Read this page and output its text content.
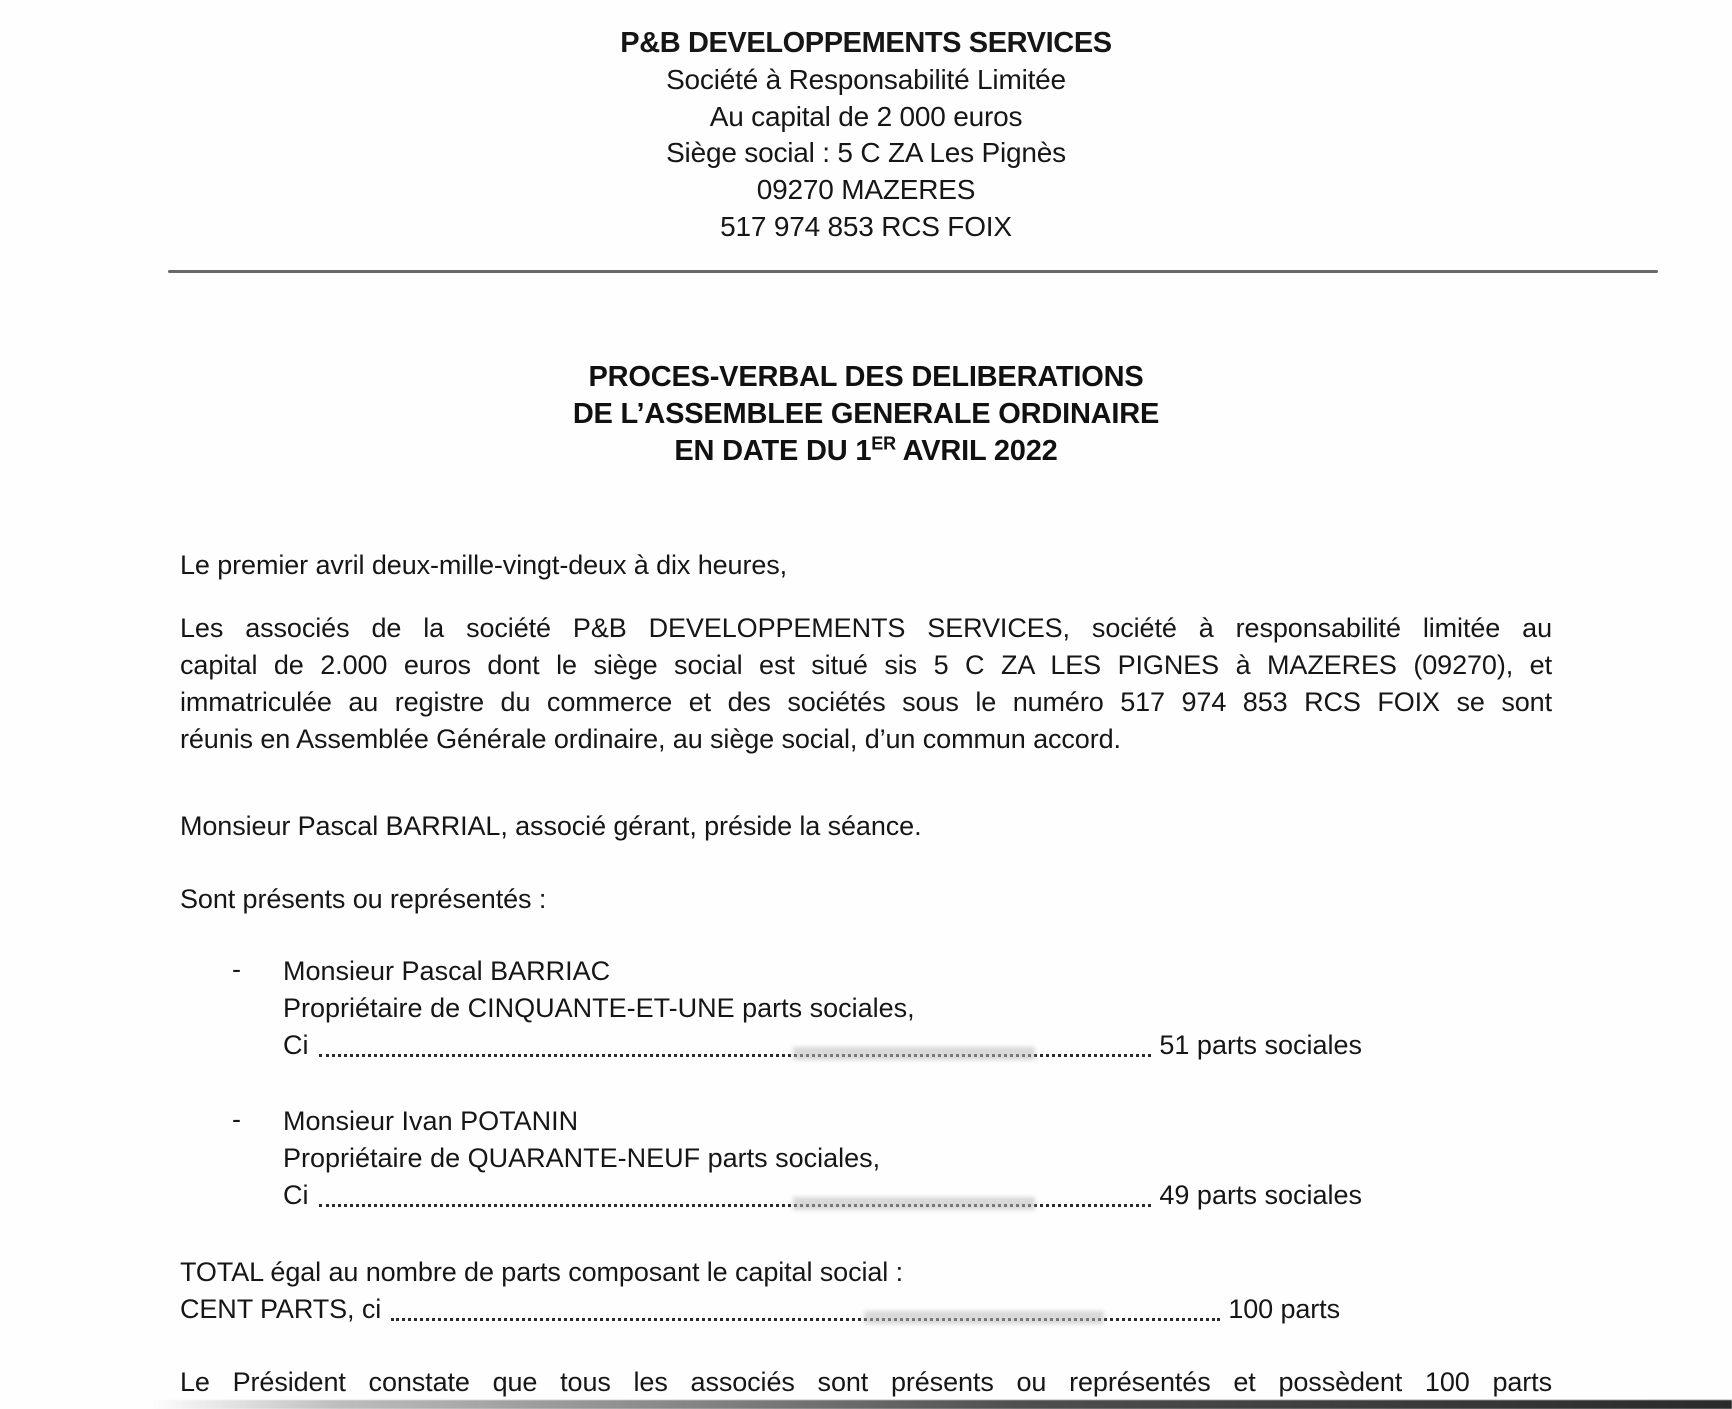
P&B DEVELOPPEMENTS SERVICES
Société à Responsabilité Limitée
Au capital de 2 000 euros
Siège social : 5 C ZA Les Pignès
09270 MAZERES
517 974 853 RCS FOIX
PROCES-VERBAL DES DELIBERATIONS
DE L’ASSEMBLEE GENERALE ORDINAIRE
EN DATE DU 1ER AVRIL 2022
Le premier avril deux-mille-vingt-deux à dix heures,
Les associés de la société P&B DEVELOPPEMENTS SERVICES, société à responsabilité limitée au
capital de 2.000 euros dont le siège social est situé sis 5 C ZA LES PIGNES à MAZERES (09270), et
immatriculée au registre du commerce et des sociétés sous le numéro 517 974 853 RCS FOIX se sont
réunis en Assemblée Générale ordinaire, au siège social, d’un commun accord.
Monsieur Pascal BARRIAL, associé gérant, préside la séance.
Sont présents ou représentés :
- Monsieur Pascal BARRIAC
Propriétaire de CINQUANTE-ET-UNE parts sociales,
Ci	51 parts sociales
- Monsieur Ivan POTANIN
Propriétaire de QUARANTE-NEUF parts sociales,
Ci	49 parts sociales
TOTAL égal au nombre de parts composant le capital social :
CENT PARTS, ci	100 parts
Le Président constate que tous les associés sont présents ou représentés et possèdent 100 parts
